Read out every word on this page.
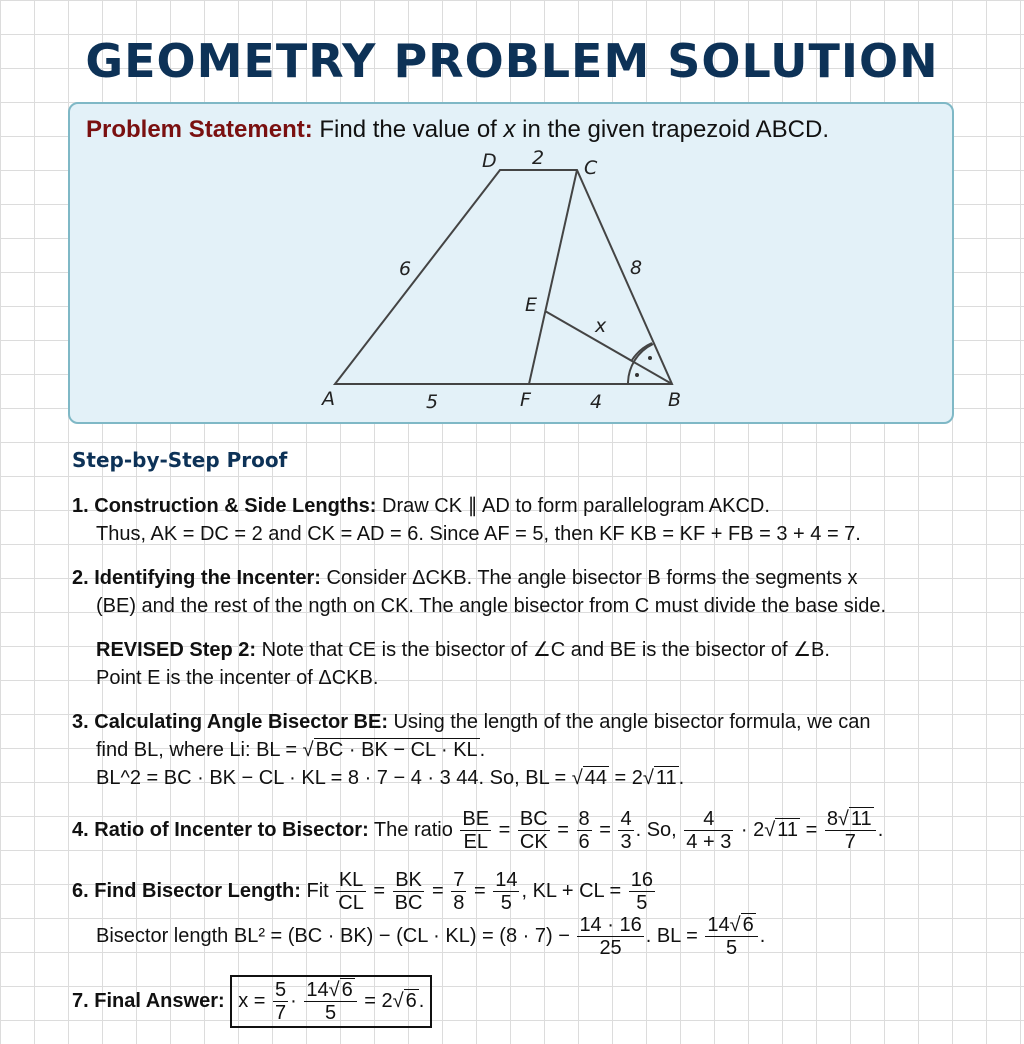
GEOMETRY PROBLEM SOLUTION
Problem Statement: Find the value of x in the given trapezoid ABCD.
D 2 C
6	8
E
x
A	5	F	4	B
Step-by-Step Proof
1. Construction & Side Lengths: Draw CK ∥ AD to form parallelogram AKCD.
Thus, AK = DC = 2 and CK = AD = 6. Since AF = 5, then KF KB = KF + FB = 3 + 4 = 7.
2. Identifying the Incenter: Consider ΔCKB. The angle bisector B forms the segments x
(BE) and the rest of the ngth on CK. The angle bisector from C must divide the base side.
REVISED Step 2: Note that CE is the bisector of ∠C and BE is the bisector of ∠B.
Point E is the incenter of ΔCKB.
3. Calculating Angle Bisector BE: Using the length of the angle bisector formula, we can
find BL, where Li: BL = √ BC · BK − CL · KL .
BL^2 = BC · BK − CL · KL = 8 · 7 − 4 · 3 44. So, BL = √ 44 = 2√ 11 .
4. Ratio of Incenter to Bisector: The ratio $\frac{BE}{EL} = \frac{BC}{CK} = \frac{8}{6} = \frac{4}{3}$ . So, $\frac{4}{4 + 3} \cdot 2√$ $11 = \frac{8√ 11}{7}$ .
6. Find Bisector Length: Fit $\frac{KL}{CL} = \frac{BK}{BC} = \frac{7}{8} = \frac{14}{5}$ , KL + CL = $\frac{16}{5}$
Bisector length $BL^2 = (BC \cdot BK) - (CL \cdot KL) = (8 \cdot 7) - \frac{14 \cdot 16}{25}$ . BL = $\frac{14√ 6}{5}$ .
7. Final Answer: $x = \frac{5}{7} \cdot \frac{14√ 6}{5} = 2√$ 6 .
